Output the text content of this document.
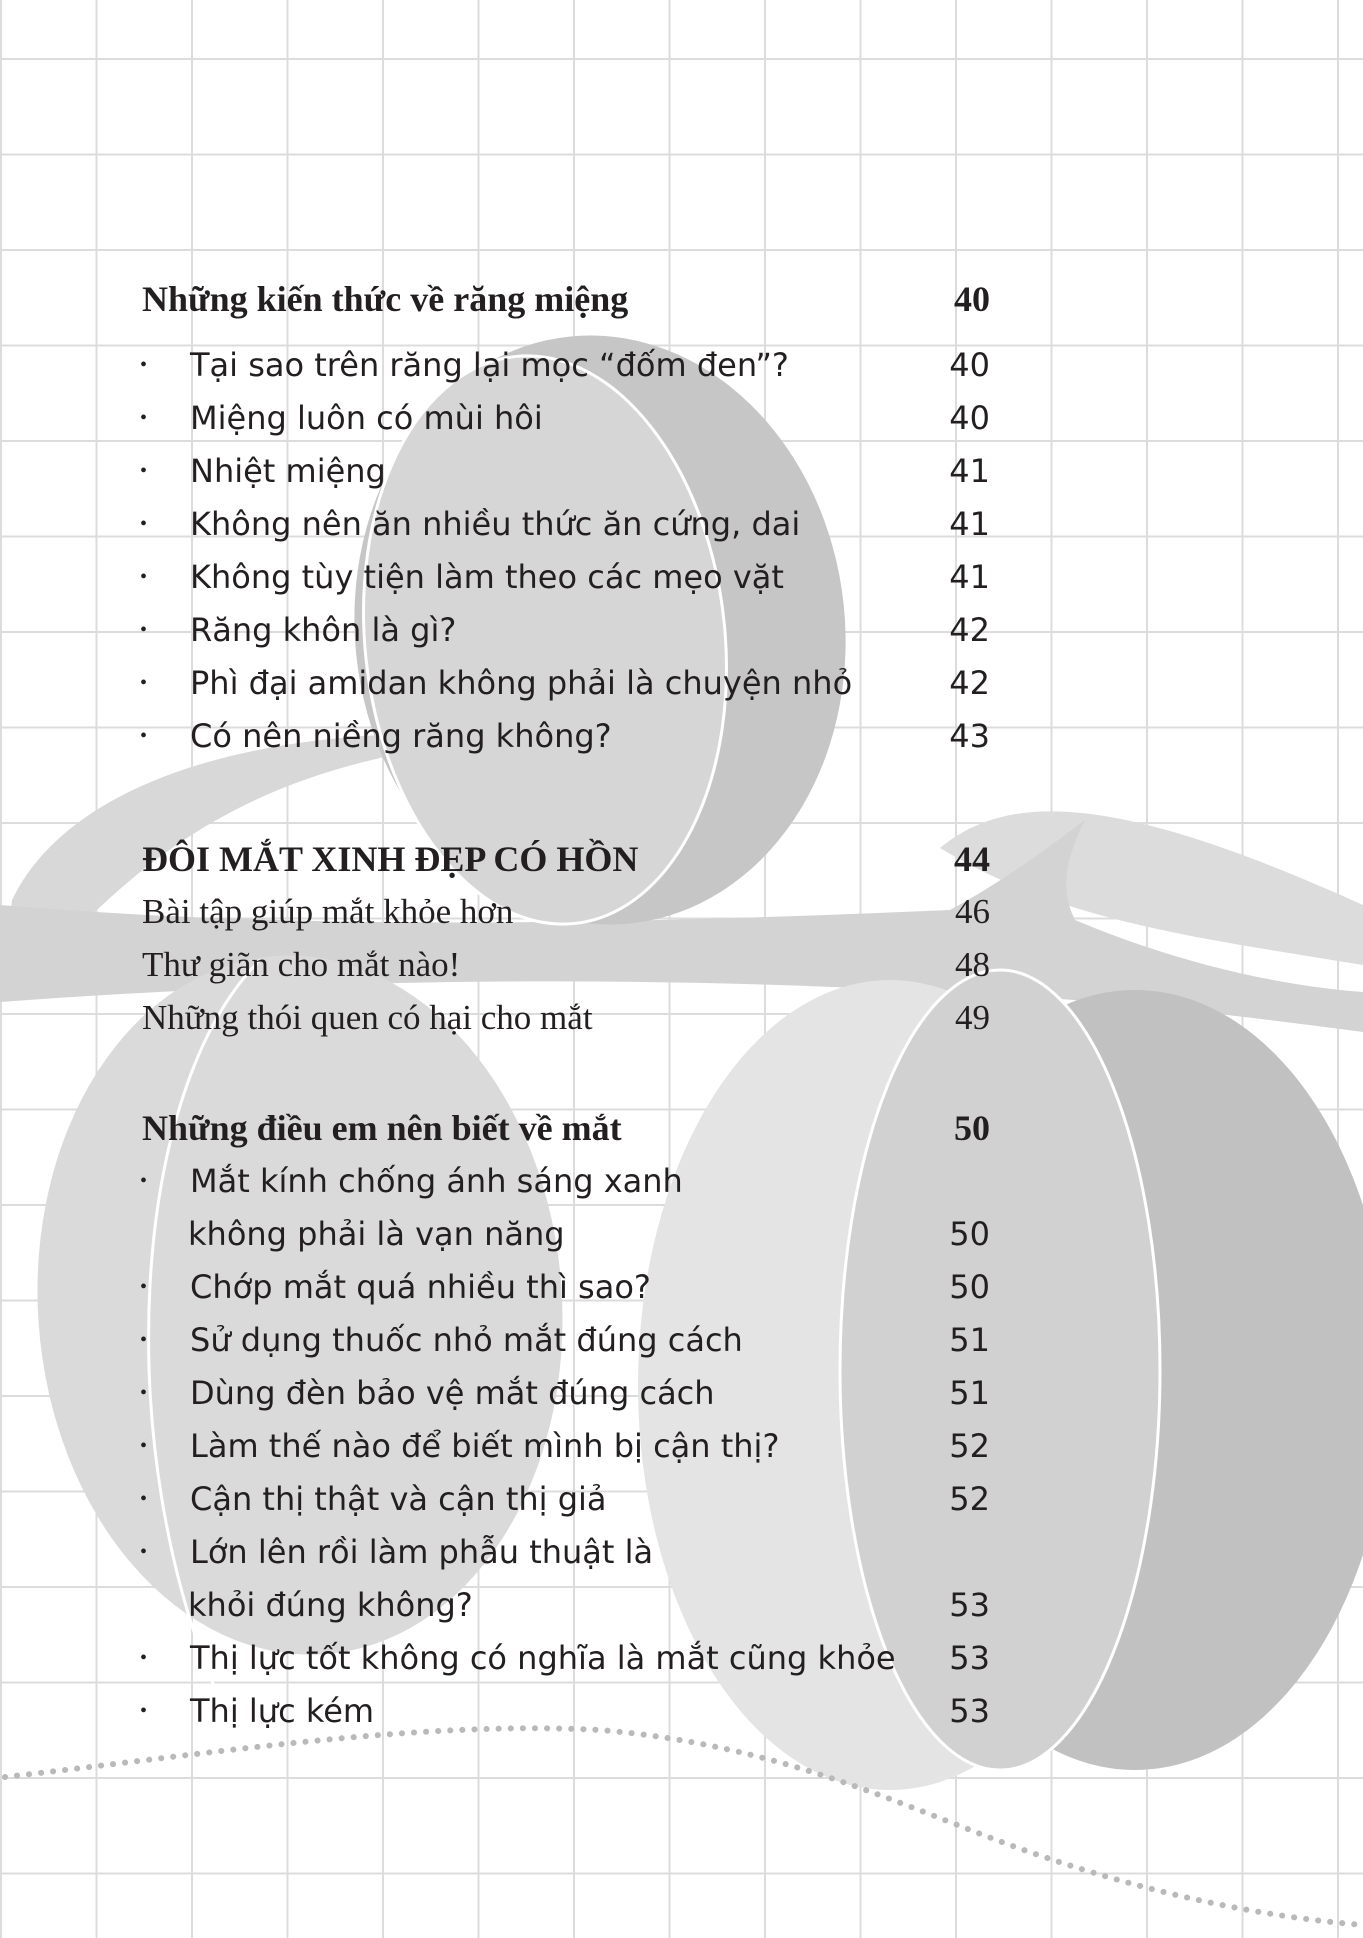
Những kiến thức về răng miệng	40
• Tại sao trên răng lại mọc “đốm đen”?	40
• Miệng luôn có mùi hôi	40
• Nhiệt miệng	41
• Không nên ăn nhiều thức ăn cứng, dai	41
• Không tùy tiện làm theo các mẹo vặt	41
• Răng khôn là gì?	42
• Phì đại amidan không phải là chuyện nhỏ	42
• Có nên niềng răng không?	43
ĐÔI MẮT XINH ĐẸP CÓ HỒN	44
Bài tập giúp mắt khỏe hơn	46
Thư giãn cho mắt nào!	48
Những thói quen có hại cho mắt	49
Những điều em nên biết về mắt	50
• Mắt kính chống ánh sáng xanh
không phải là vạn năng	50
• Chớp mắt quá nhiều thì sao?	50
• Sử dụng thuốc nhỏ mắt đúng cách	51
• Dùng đèn bảo vệ mắt đúng cách	51
• Làm thế nào để biết mình bị cận thị?	52
• Cận thị thật và cận thị giả	52
• Lớn lên rồi làm phẫu thuật là
khỏi đúng không?	53
• Thị lực tốt không có nghĩa là mắt cũng khỏe 53
• Thị lực kém	53
